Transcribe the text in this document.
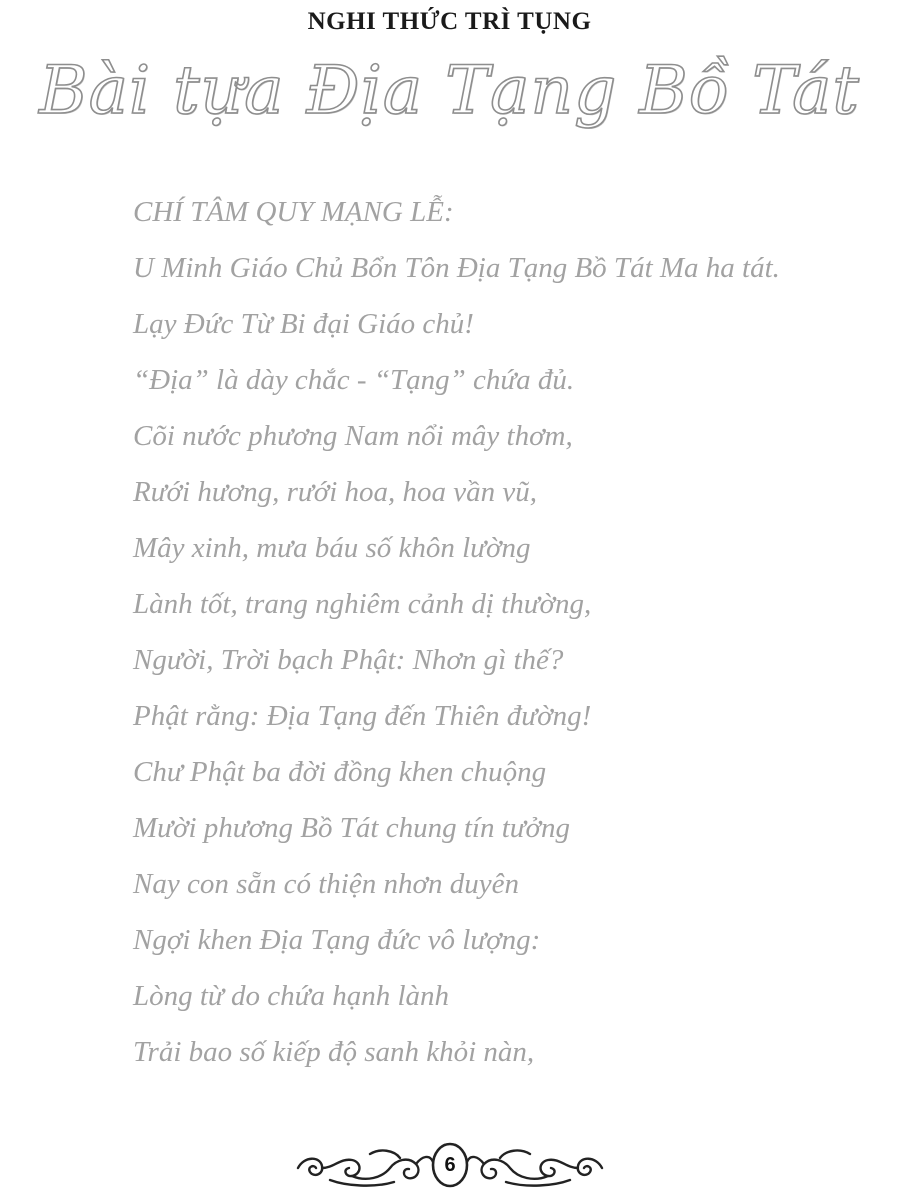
NGHI THỨC TRÌ TỤNG
Bài tựa Địa Tạng Bồ Tát
CHÍ TÂM QUY MẠNG LỄ:
U Minh Giáo Chủ Bổn Tôn Địa Tạng Bồ Tát Ma ha tát.
Lạy Đức Từ Bi đại Giáo chủ!
“Địa” là dày chắc - “Tạng” chứa đủ.
Cõi nước phương Nam nổi mây thơm,
Rưới hương, rưới hoa, hoa vần vũ,
Mây xinh, mưa báu số khôn lường
Lành tốt, trang nghiêm cảnh dị thường,
Người, Trời bạch Phật: Nhơn gì thế?
Phật rằng: Địa Tạng đến Thiên đường!
Chư Phật ba đời đồng khen chuộng
Mười phương Bồ Tát chung tín tưởng
Nay con sẵn có thiện nhơn duyên
Ngợi khen Địa Tạng đức vô lượng:
Lòng từ do chứa hạnh lành
Trải bao số kiếp độ sanh khỏi nàn,
6
